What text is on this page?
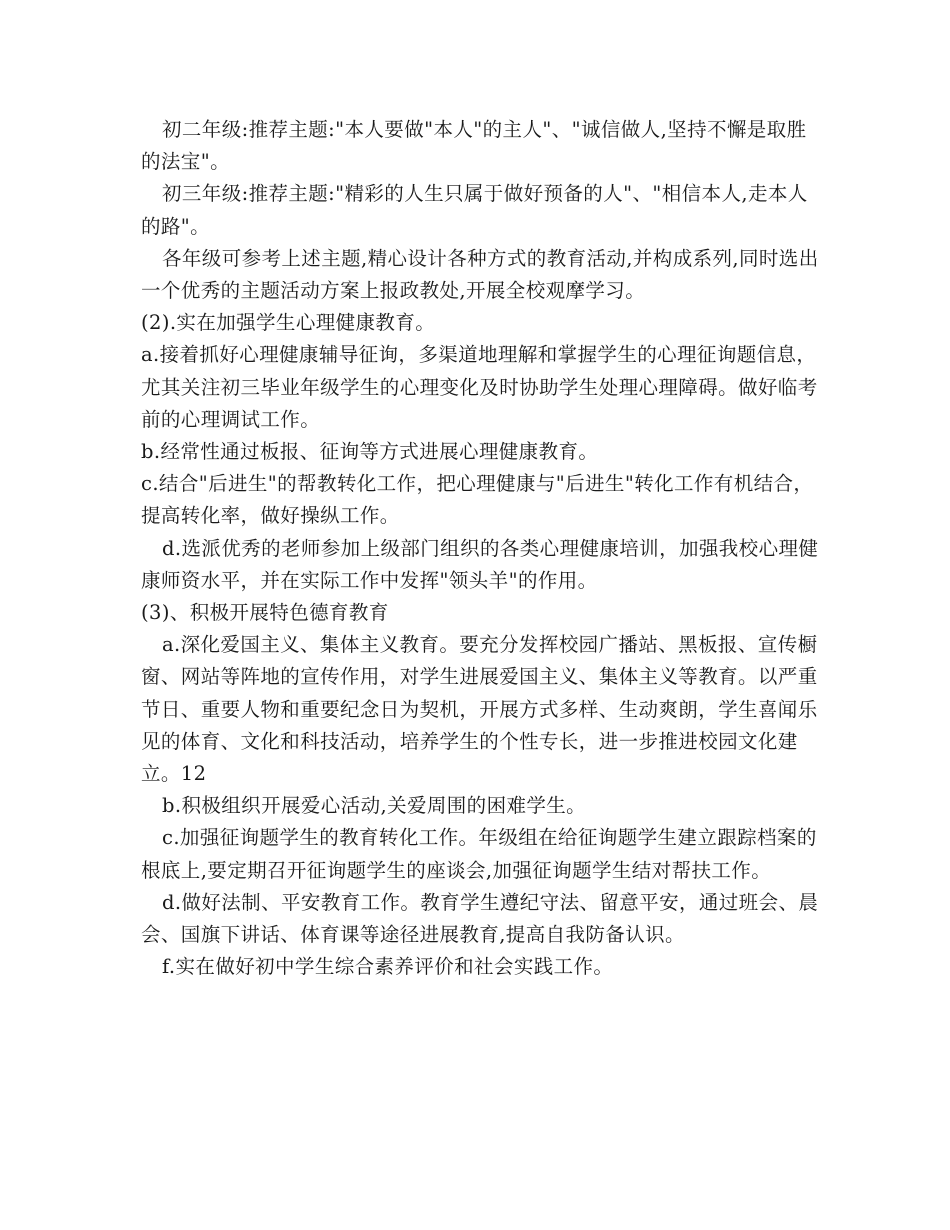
初二年级:推荐主题:"本人要做"本人"的主人"、"诚信做人,坚持不懈是取胜的法宝"。

初三年级:推荐主题:"精彩的人生只属于做好预备的人"、"相信本人,走本人的路"。

各年级可参考上述主题,精心设计各种方式的教育活动,并构成系列,同时选出一个优秀的主题活动方案上报政教处,开展全校观摩学习。

(2).实在加强学生心理健康教育。

a.接着抓好心理健康辅导征询，多渠道地理解和掌握学生的心理征询题信息，尤其关注初三毕业年级学生的心理变化及时协助学生处理心理障碍。做好临考前的心理调试工作。

b.经常性通过板报、征询等方式进展心理健康教育。

c.结合"后进生"的帮教转化工作，把心理健康与"后进生"转化工作有机结合，提高转化率，做好操纵工作。

d.选派优秀的老师参加上级部门组织的各类心理健康培训，加强我校心理健康师资水平，并在实际工作中发挥"领头羊"的作用。

(3)、积极开展特色德育教育

a.深化爱国主义、集体主义教育。要充分发挥校园广播站、黑板报、宣传橱窗、网站等阵地的宣传作用，对学生进展爱国主义、集体主义等教育。以严重节日、重要人物和重要纪念日为契机，开展方式多样、生动爽朗，学生喜闻乐见的体育、文化和科技活动，培养学生的个性专长，进一步推进校园文化建立。12

b.积极组织开展爱心活动,关爱周围的困难学生。

c.加强征询题学生的教育转化工作。年级组在给征询题学生建立跟踪档案的根底上,要定期召开征询题学生的座谈会,加强征询题学生结对帮扶工作。

d.做好法制、平安教育工作。教育学生遵纪守法、留意平安，通过班会、晨会、国旗下讲话、体育课等途径进展教育,提高自我防备认识。

f.实在做好初中学生综合素养评价和社会实践工作。
